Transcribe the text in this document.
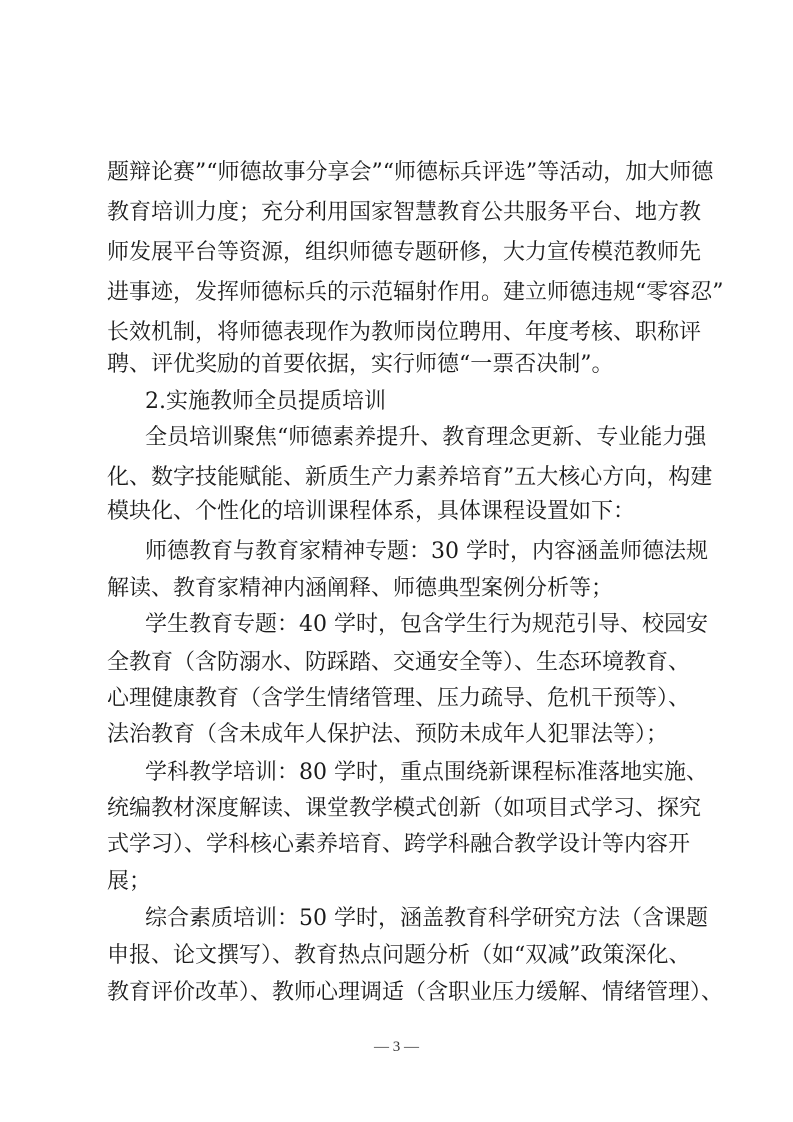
题辩论赛”“师德故事分享会”“师德标兵评选”等活动，加大师德
教育培训力度；充分利用国家智慧教育公共服务平台、地方教
师发展平台等资源，组织师德专题研修，大力宣传模范教师先
进事迹，发挥师德标兵的示范辐射作用。建立师德违规“零容忍”
长效机制，将师德表现作为教师岗位聘用、年度考核、职称评
聘、评优奖励的首要依据，实行师德“一票否决制”。
2.实施教师全员提质培训
全员培训聚焦“师德素养提升、教育理念更新、专业能力强
化、数字技能赋能、新质生产力素养培育”五大核心方向，构建
模块化、个性化的培训课程体系，具体课程设置如下：
师德教育与教育家精神专题：30 学时，内容涵盖师德法规
解读、教育家精神内涵阐释、师德典型案例分析等；
学生教育专题：40 学时，包含学生行为规范引导、校园安
全教育（含防溺水、防踩踏、交通安全等）、生态环境教育、
心理健康教育（含学生情绪管理、压力疏导、危机干预等）、
法治教育（含未成年人保护法、预防未成年人犯罪法等）；
学科教学培训：80 学时，重点围绕新课程标准落地实施、
统编教材深度解读、课堂教学模式创新（如项目式学习、探究
式学习）、学科核心素养培育、跨学科融合教学设计等内容开
展；
综合素质培训：50 学时，涵盖教育科学研究方法（含课题
申报、论文撰写）、教育热点问题分析（如“双减”政策深化、
教育评价改革）、教师心理调适（含职业压力缓解、情绪管理）、
— 3 —
